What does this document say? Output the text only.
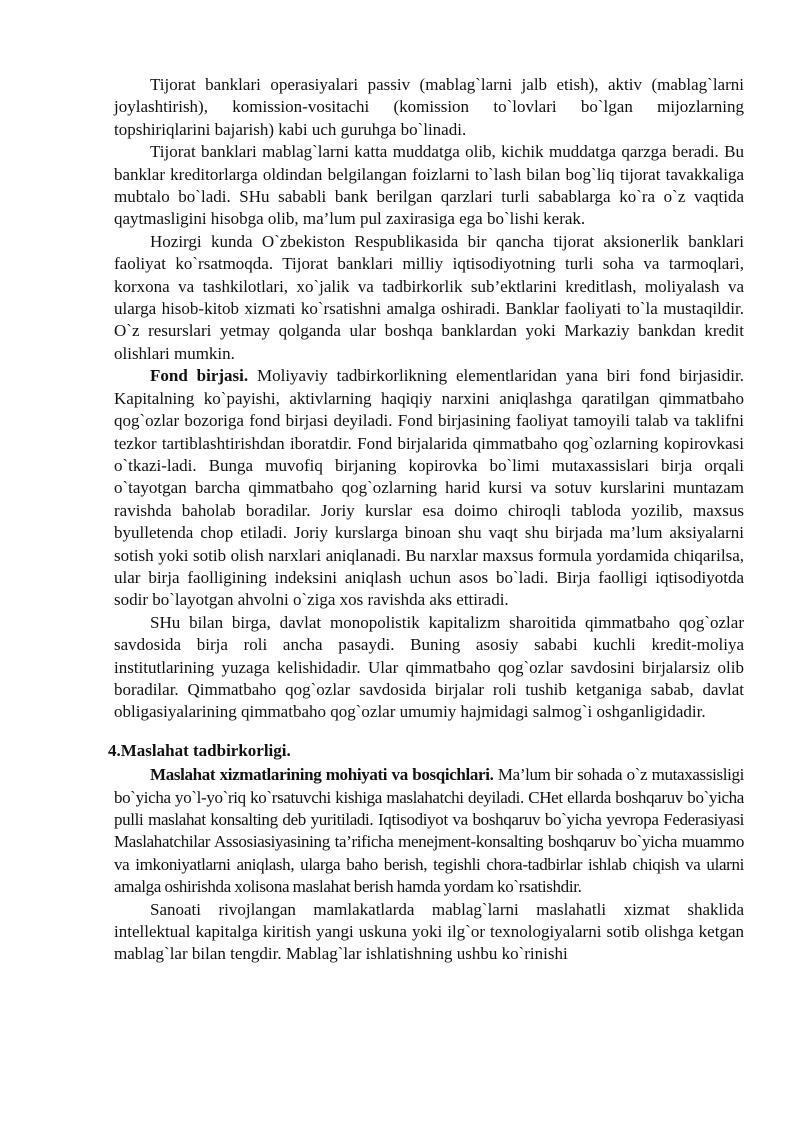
Tijorat banklari operasiyalari passiv (mablag`larni jalb etish), aktiv (mablag`larni joylashtirish), komission-vositachi (komission to`lovlari bo`lgan mijozlarning topshiriqlarini bajarish) kabi uch guruhga bo`linadi.

Tijorat banklari mablag`larni katta muddatga olib, kichik muddatga qarzga beradi. Bu banklar kreditorlarga oldindan belgilangan foizlarni to`lash bilan bog`liq tijorat tavakkaliga mubtalo bo`ladi. SHu sababli bank berilgan qarzlari turli sabablarga ko`ra o`z vaqtida qaytmasligini hisobga olib, ma’lum pul zaxirasiga ega bo`lishi kerak.

Hozirgi kunda O`zbekiston Respublikasida bir qancha tijorat aksionerlik banklari faoliyat ko`rsatmoqda. Tijorat banklari milliy iqtisodiyotning turli soha va tarmoqlari, korxona va tashkilotlari, xo`jalik va tadbirkorlik sub’ektlarini kreditlash, moliyalash va ularga hisob-kitob xizmati ko`rsatishni amalga oshiradi. Banklar faoliyati to`la mustaqildir. O`z resurslari yetmay qolganda ular boshqa banklardan yoki Markaziy bankdan kredit olishlari mumkin.

Fond birjasi. Moliyaviy tadbirkorlikning elementlaridan yana biri fond birjasidir. Kapitalning ko`payishi, aktivlarning haqiqiy narxini aniqlashga qaratilgan qimmatbaho qog`ozlar bozoriga fond birjasi deyiladi. Fond birjasining faoliyat tamoyili talab va taklifni tezkor tartiblashtirishdan iboratdir. Fond birjalarida qimmatbaho qog`ozlarning kopirovkasi o`tkazi-ladi. Bunga muvofiq birjaning kopirovka bo`limi mutaxassislari birja orqali o`tayotgan barcha qimmatbaho qog`ozlarning harid kursi va sotuv kurslarini muntazam ravishda baholab boradilar. Joriy kurslar esa doimo chiroqli tabloda yozilib, maxsus byulletenda chop etiladi. Joriy kurslarga binoan shu vaqt shu birjada ma’lum aksiyalarni sotish yoki sotib olish narxlari aniqlanadi. Bu narxlar maxsus formula yordamida chiqarilsa, ular birja faolligining indeksini aniqlash uchun asos bo`ladi. Birja faolligi iqtisodiyotda sodir bo`layotgan ahvolni o`ziga xos ravishda aks ettiradi.

SHu bilan birga, davlat monopolistik kapitalizm sharoitida qimmatbaho qog`ozlar savdosida birja roli ancha pasaydi. Buning asosiy sababi kuchli kredit-moliya institutlarining yuzaga kelishidadir. Ular qimmatbaho qog`ozlar savdosini birjalarsiz olib boradilar. Qimmatbaho qog`ozlar savdosida birjalar roli tushib ketganiga sabab, davlat obligasiyalarining qimmatbaho qog`ozlar umumiy hajmidagi salmog`i oshganligidadir.

4.Maslahat tadbirkorligi.

Maslahat xizmatlarining mohiyati va bosqichlari. Ma’lum bir sohada o`z mutaxassisligi bo`yicha yo`l-yo`riq ko`rsatuvchi kishiga maslahatchi deyiladi. CHet ellarda boshqaruv bo`yicha pulli maslahat konsalting deb yuritiladi. Iqtisodiyot va boshqaruv bo`yicha yevropa Federasiyasi Maslahatchilar Assosiasiyasining ta’rificha menejment-konsalting boshqaruv bo`yicha muammo va imkoniyatlarni aniqlash, ularga baho berish, tegishli chora-tadbirlar ishlab chiqish va ularni amalga oshirishda xolisona maslahat berish hamda yordam ko`rsatishdir.

Sanoati rivojlangan mamlakatlarda mablag`larni maslahatli xizmat shaklida intellektual kapitalga kiritish yangi uskuna yoki ilg`or texnologiyalarni sotib olishga ketgan mablag`lar bilan tengdir. Mablag`lar ishlatishning ushbu ko`rinishi
